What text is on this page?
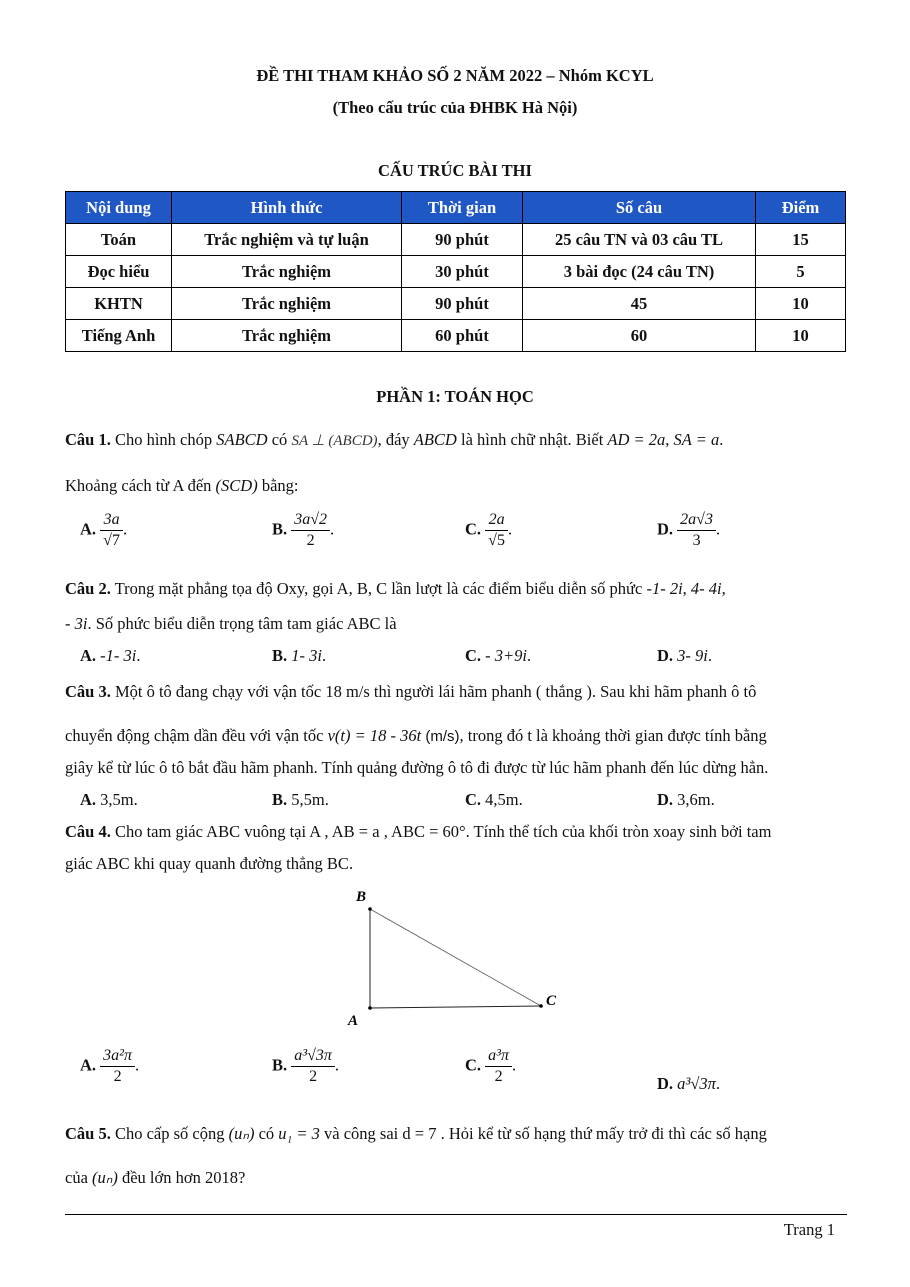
ĐỀ THI THAM KHẢO SỐ 2 NĂM 2022 – Nhóm KCYL
(Theo cấu trúc của ĐHBK Hà Nội)
CẤU TRÚC BÀI THI
Nội dung	Hình thức	Thời gian	Số câu	Điểm
Toán	Trắc nghiệm và tự luận	90 phút	25 câu TN và 03 câu TL	15
Đọc hiểu	Trắc nghiệm	30 phút	3 bài đọc (24 câu TN)	5
KHTN	Trắc nghiệm	90 phút	45	10
Tiếng Anh	Trắc nghiệm	60 phút	60	10
PHẦN 1: TOÁN HỌC
Câu 1. Cho hình chóp SABCD có SA ⊥ (ABCD), đáy ABCD là hình chữ nhật. Biết AD = 2a, SA = a.
Khoảng cách từ A đến (SCD) bằng:
A. $\frac{3a}{√7}$ .	B. $\frac{3a√2}{2}$ .	C. $\frac{2a}{√5}$ .	D. $\frac{2a√3}{3}$ .
Câu 2. Trong mặt phẳng tọa độ Oxy, gọi A, B, C lần lượt là các điểm biểu diễn số phức -1- 2i, 4- 4i,
- 3i. Số phức biểu diễn trọng tâm tam giác ABC là
A. -1- 3i.	B. 1- 3i.	C. - 3+9i.	D. 3- 9i.
Câu 3. Một ô tô đang chạy với vận tốc 18 m/s thì người lái hãm phanh ( thắng ). Sau khi hãm phanh ô tô
chuyển động chậm dần đều với vận tốc v(t) = 18 - 36t (m/s), trong đó t là khoảng thời gian được tính bằng
giây kể từ lúc ô tô bắt đầu hãm phanh. Tính quảng đường ô tô đi được từ lúc hãm phanh đến lúc dừng hẳn.
A. 3,5m.	B. 5,5m.	C. 4,5m.	D. 3,6m.
Câu 4. Cho tam giác ABC vuông tại A , AB = a , ABC = 60°. Tính thể tích của khối tròn xoay sinh bởi tam
giác ABC khi quay quanh đường thẳng BC.
B
A
C
A. $\frac{\text{3a²π}}{2}$ .	B. $\frac{\text{a³√3π}}{2}$ .	C. $\frac{\text{a³π}}{2}$ .
D. a³√3π.
Câu 5. Cho cấp số cộng (uₙ) có u₁ = 3 và công sai d = 7 . Hỏi kể từ số hạng thứ mấy trở đi thì các số hạng
của (uₙ) đều lớn hơn 2018?
Trang 1
